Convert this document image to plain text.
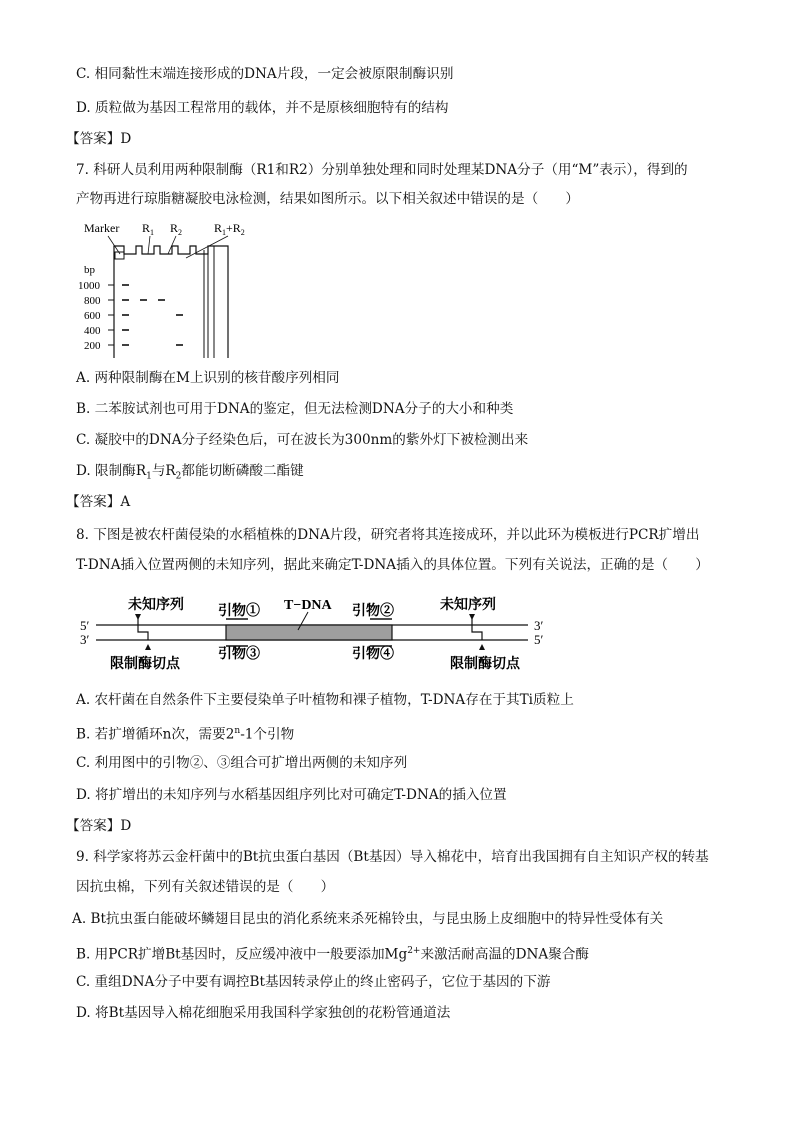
C. 相同黏性末端连接形成的DNA片段，一定会被原限制酶识别
D. 质粒做为基因工程常用的载体，并不是原核细胞特有的结构
【答案】D
7. 科研人员利用两种限制酶（R1和R2）分别单独处理和同时处理某DNA分子（用“M”表示），得到的
产物再进行琼脂糖凝胶电泳检测，结果如图所示。以下相关叙述中错误的是（　　）
Marker $R_1$ $R_2$	$R_1+R_2$
bp
1000
800
600
400
200
A. 两种限制酶在M上识别的核苷酸序列相同
B. 二苯胺试剂也可用于DNA的鉴定，但无法检测DNA分子的大小和种类
C. 凝胶中的DNA分子经染色后，可在波长为300nm的紫外灯下被检测出来
D. 限制酶$R_1$与$R_2$都能切断磷酸二酯键
【答案】A
8. 下图是被农杆菌侵染的水稻植株的DNA片段，研究者将其连接成环，并以此环为模板进行PCR扩增出
T-DNA插入位置两侧的未知序列，据此来确定T-DNA插入的具体位置。下列有关说法，正确的是（　　）
未知序列	未知序列
T−DNA
引物①	引物②
引物③	引物④
限制酶切点	限制酶切点
5′
3′
3′
5′
A. 农杆菌在自然条件下主要侵染单子叶植物和裸子植物，T-DNA存在于其Ti质粒上
B. 若扩增循环n次，需要2$^n$-1个引物
C. 利用图中的引物②、③组合可扩增出两侧的未知序列
D. 将扩增出的未知序列与水稻基因组序列比对可确定T-DNA的插入位置
【答案】D
9. 科学家将苏云金杆菌中的Bt抗虫蛋白基因（Bt基因）导入棉花中，培育出我国拥有自主知识产权的转基
因抗虫棉，下列有关叙述错误的是（　　）
A. Bt抗虫蛋白能破坏鳞翅目昆虫的消化系统来杀死棉铃虫，与昆虫肠上皮细胞中的特异性受体有关
B. 用PCR扩增Bt基因时，反应缓冲液中一般要添加$Mg^{2+}$来激活耐高温的DNA聚合酶
C. 重组DNA分子中要有调控Bt基因转录停止的终止密码子，它位于基因的下游
D. 将Bt基因导入棉花细胞采用我国科学家独创的花粉管通道法
